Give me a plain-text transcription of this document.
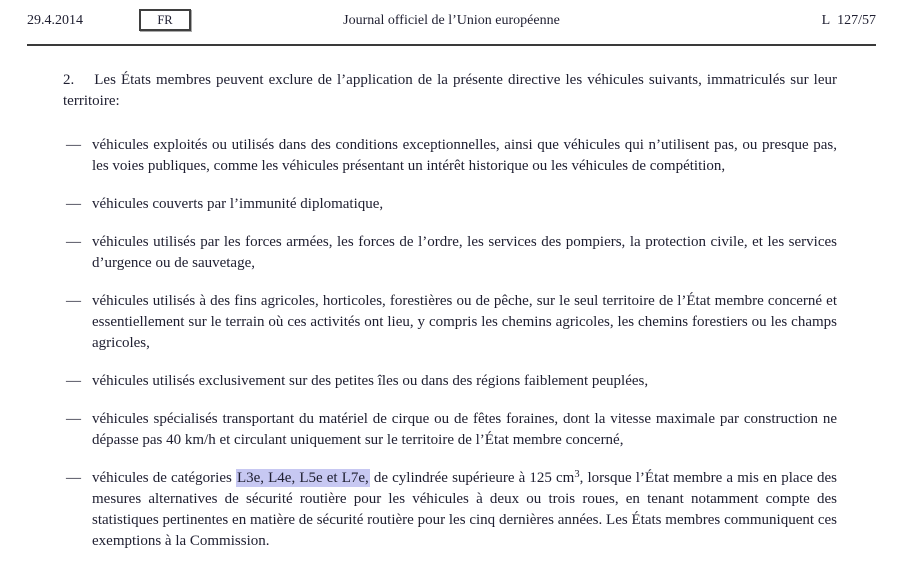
29.4.2014	FR	Journal officiel de l’Union européenne	L 127/57

2. Les États membres peuvent exclure de l’application de la présente directive les véhicules suivants, immatriculés sur leur territoire:

— véhicules exploités ou utilisés dans des conditions exceptionnelles, ainsi que véhicules qui n’utilisent pas, ou presque pas, les voies publiques, comme les véhicules présentant un intérêt historique ou les véhicules de compétition,
— véhicules couverts par l’immunité diplomatique,
— véhicules utilisés par les forces armées, les forces de l’ordre, les services des pompiers, la protection civile, et les services d’urgence ou de sauvetage,
— véhicules utilisés à des fins agricoles, horticoles, forestières ou de pêche, sur le seul territoire de l’État membre concerné et essentiellement sur le terrain où ces activités ont lieu, y compris les chemins agricoles, les chemins forestiers ou les champs agricoles,
— véhicules utilisés exclusivement sur des petites îles ou dans des régions faiblement peuplées,
— véhicules spécialisés transportant du matériel de cirque ou de fêtes foraines, dont la vitesse maximale par construction ne dépasse pas 40 km/h et circulant uniquement sur le territoire de l’État membre concerné,
— véhicules de catégories L3e, L4e, L5e et L7e, de cylindrée supérieure à 125 $cm^3$, lorsque l’État membre a mis en place des mesures alternatives de sécurité routière pour les véhicules à deux ou trois roues, en tenant notamment compte des statistiques pertinentes en matière de sécurité routière pour les cinq dernières années. Les États membres communiquent ces exemptions à la Commission.
